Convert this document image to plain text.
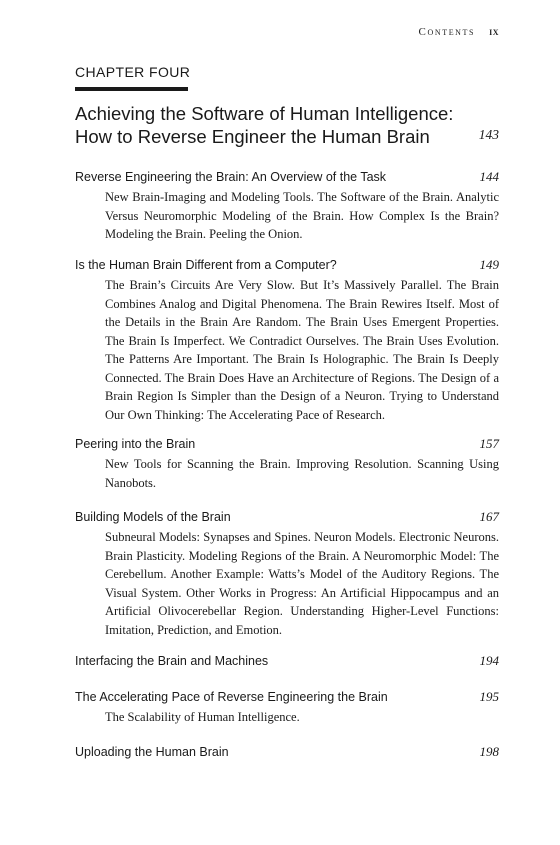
Contents ix
CHAPTER FOUR
Achieving the Software of Human Intelligence:
How to Reverse Engineer the Human Brain	143
Reverse Engineering the Brain: An Overview of the Task	144
New Brain-Imaging and Modeling Tools. The Software of the Brain. Analytic Versus Neuromorphic Modeling of the Brain. How Complex Is the Brain? Modeling the Brain. Peeling the Onion.
Is the Human Brain Different from a Computer?	149
The Brain’s Circuits Are Very Slow. But It’s Massively Parallel. The Brain Combines Analog and Digital Phenomena. The Brain Rewires Itself. Most of the Details in the Brain Are Random. The Brain Uses Emergent Properties. The Brain Is Imperfect. We Contradict Ourselves. The Brain Uses Evolution. The Patterns Are Important. The Brain Is Holographic. The Brain Is Deeply Connected. The Brain Does Have an Architecture of Regions. The Design of a Brain Region Is Simpler than the Design of a Neuron. Trying to Understand Our Own Thinking: The Accelerating Pace of Research.
Peering into the Brain	157
New Tools for Scanning the Brain. Improving Resolution. Scanning Using Nanobots.
Building Models of the Brain	167
Subneural Models: Synapses and Spines. Neuron Models. Electronic Neurons. Brain Plasticity. Modeling Regions of the Brain. A Neuromorphic Model: The Cerebellum. Another Example: Watts’s Model of the Auditory Regions. The Visual System. Other Works in Progress: An Artificial Hippocampus and an Artificial Olivocerebellar Region. Understanding Higher-Level Functions: Imitation, Prediction, and Emotion.
Interfacing the Brain and Machines	194
The Accelerating Pace of Reverse Engineering the Brain	195
The Scalability of Human Intelligence.
Uploading the Human Brain	198
